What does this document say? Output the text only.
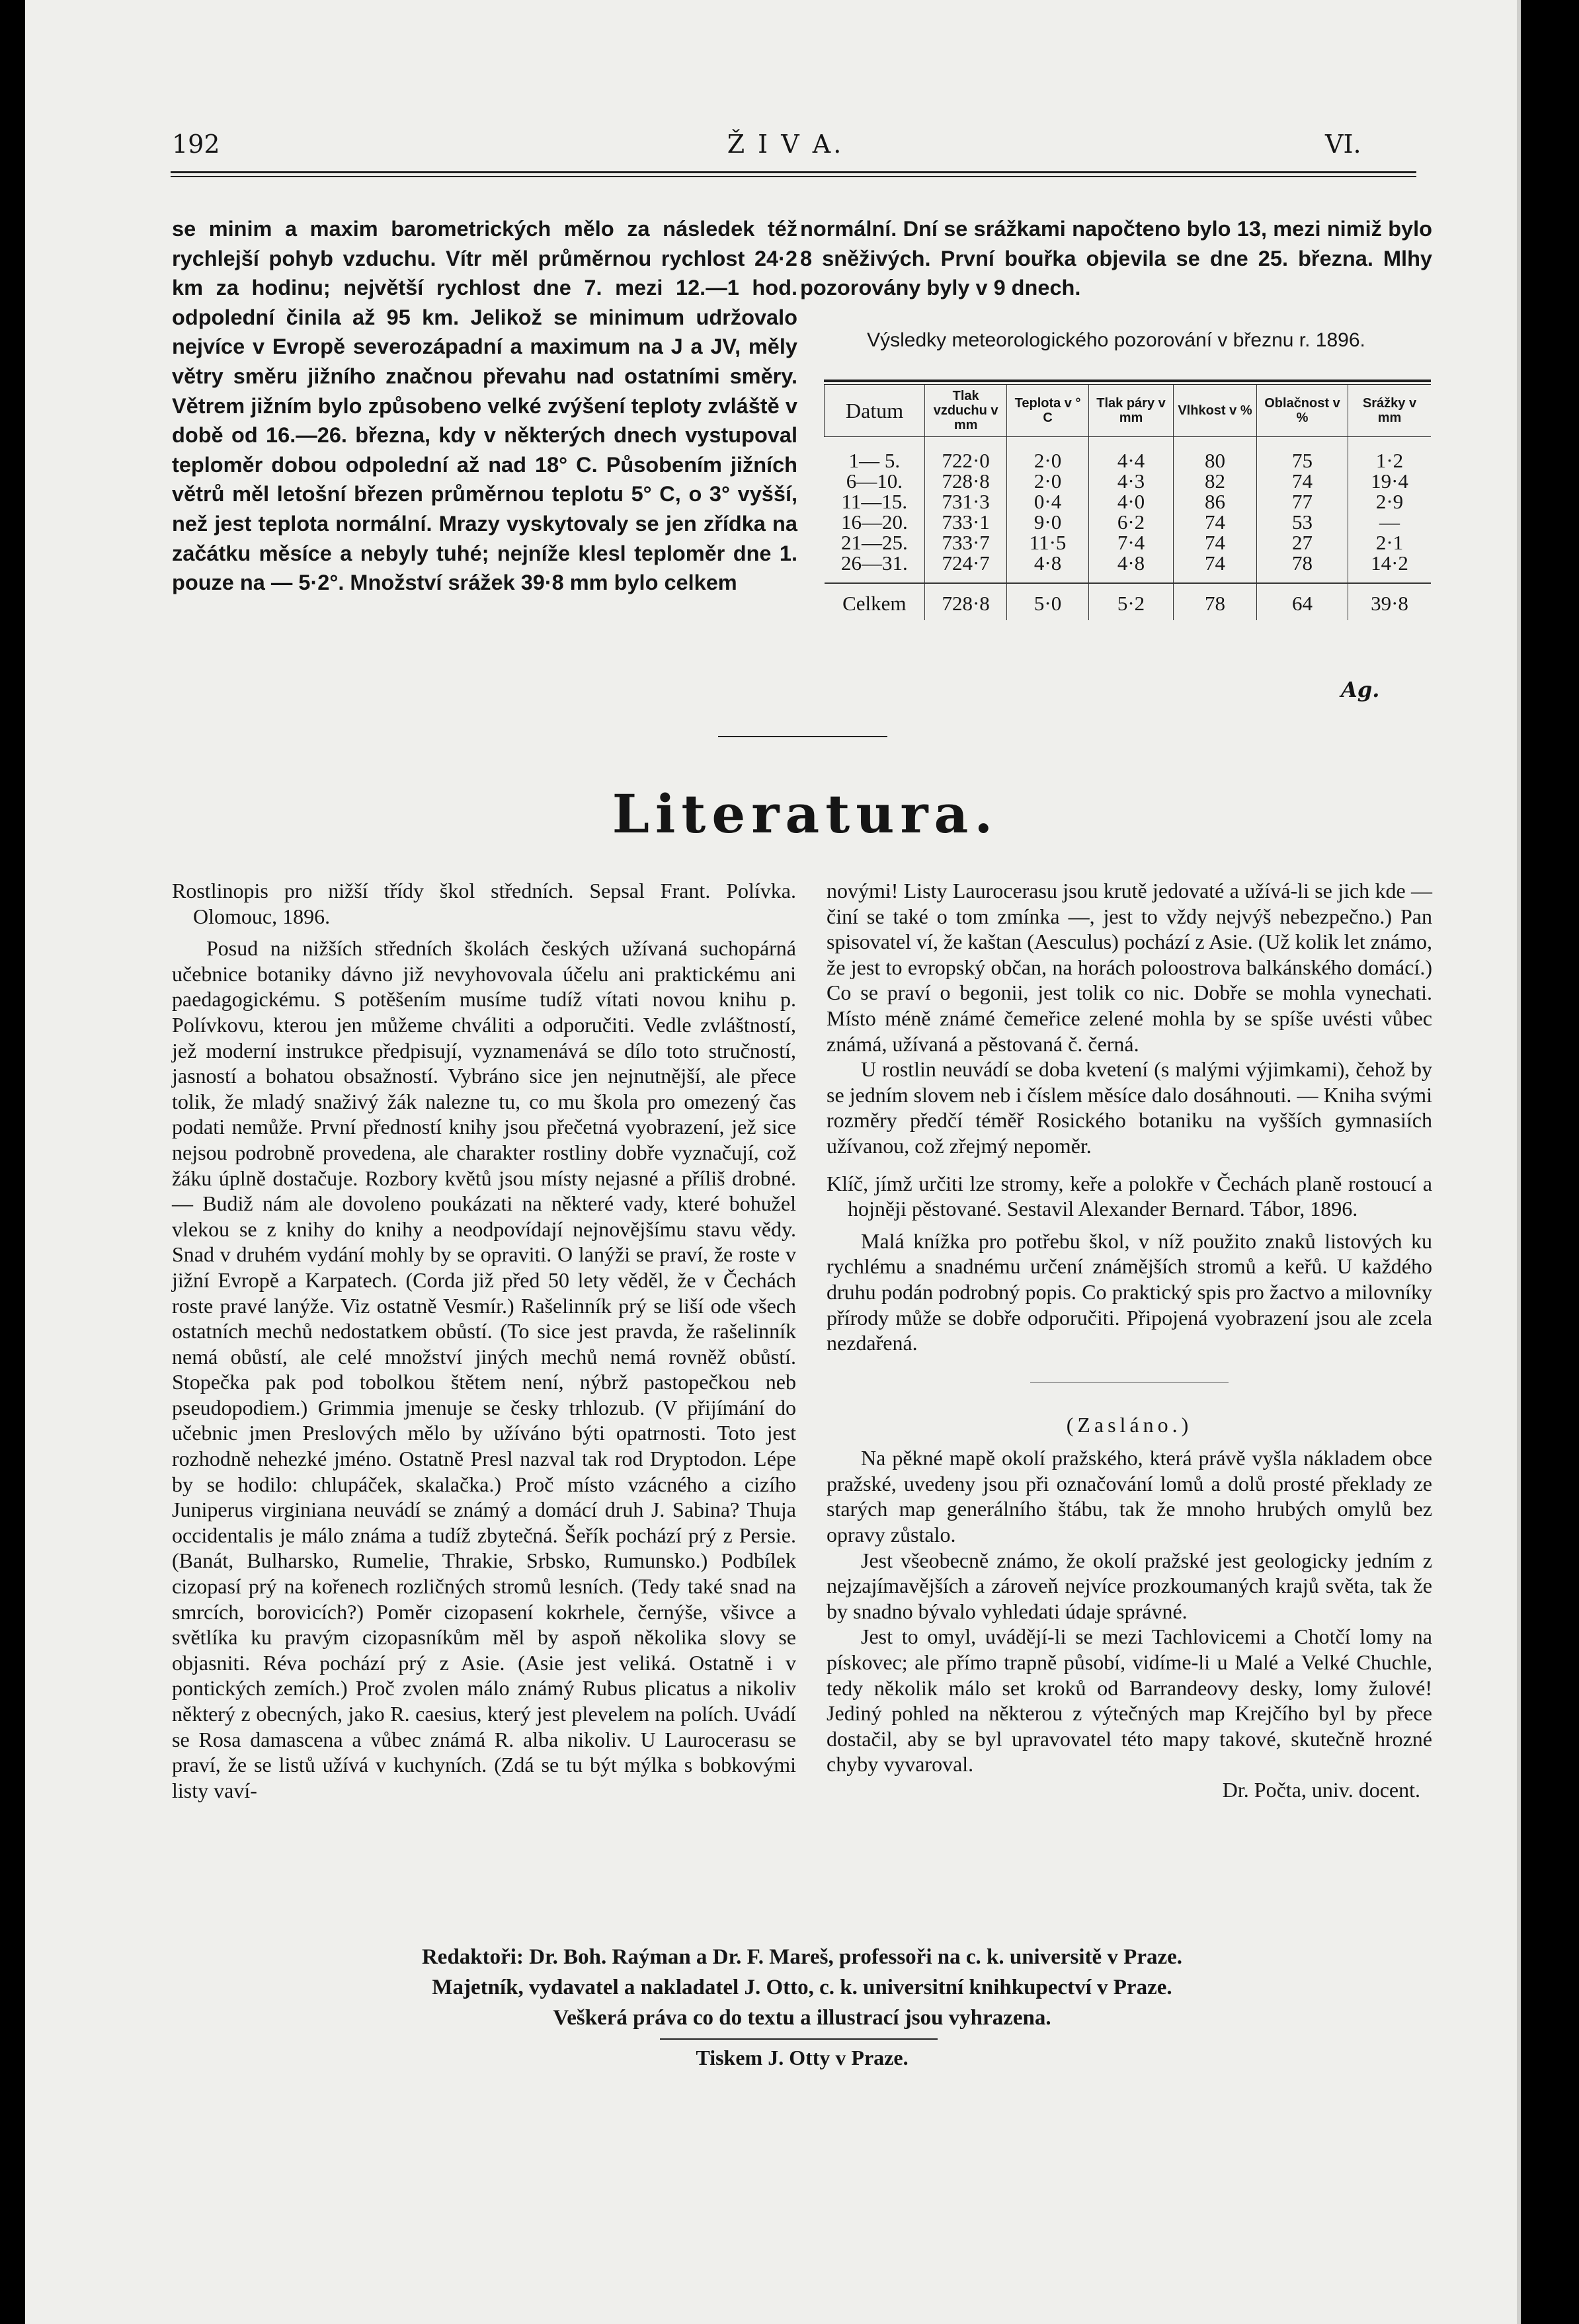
192	Ž I V A.	VI.

se minim a maxim barometrických mělo za následek též rychlejší pohyb vzduchu. Vítr měl průměrnou rychlost 24·2 km za hodinu; největší rychlost dne 7. mezi 12.—1 hod. odpolední činila až 95 km. Jelikož se minimum udržovalo nejvíce v Evropě severozápadní a maximum na J a JV, měly větry směru jižního značnou převahu nad ostatními směry. Větrem jižním bylo způsobeno velké zvýšení teploty zvláště v době od 16.—26. března, kdy v některých dnech vystupoval teploměr dobou odpolední až nad 18° C. Působením jižních větrů měl letošní březen průměrnou teplotu 5° C, o 3° vyšší, než jest teplota normální. Mrazy vyskytovaly se jen zřídka na začátku měsíce a nebyly tuhé; nejníže klesl teploměr dne 1. pouze na — 5·2°. Množství srážek 39·8 mm bylo celkem

normální. Dní se srážkami napočteno bylo 13, mezi nimiž bylo 8 sněživých. První bouřka objevila se dne 25. března. Mlhy pozorovány byly v 9 dnech.

Výsledky meteorologického pozorování v březnu r. 1896.
Datum	Tlak vzduchu v mm	Teplota v ° C	Tlak páry v mm	Vlhkost v %	Oblačnost v %	Srážky v mm
1— 5.	722·0	2·0	4·4	80	75	1·2
6—10.	728·8	2·0	4·3	82	74	19·4
11—15.	731·3	0·4	4·0	86	77	2·9
16—20.	733·1	9·0	6·2	74	53	—
21—25.	733·7	11·5	7·4	74	27	2·1
26—31.	724·7	4·8	4·8	74	78	14·2
Celkem	728·8	5·0	5·2	78	64	39·8
Ag.
Literatura.

Rostlinopis pro nižší třídy škol středních. Sepsal Frant. Polívka. Olomouc, 1896.

Posud na nižších středních školách českých užívaná suchopárná učebnice botaniky dávno již nevyhovovala účelu ani praktickému ani paedagogickému. S potěšením musíme tudíž vítati novou knihu p. Polívkovu, kterou jen můžeme chváliti a odporučiti. Vedle zvláštností, jež moderní instrukce předpisují, vyznamenává se dílo toto stručností, jasností a bohatou obsažností. Vybráno sice jen nejnutnější, ale přece tolik, že mladý snaživý žák nalezne tu, co mu škola pro omezený čas podati nemůže. První předností knihy jsou přečetná vyobrazení, jež sice nejsou podrobně provedena, ale charakter rostliny dobře vyznačují, což žáku úplně dostačuje. Rozbory květů jsou místy nejasné a příliš drobné. — Budiž nám ale dovoleno poukázati na některé vady, které bohužel vlekou se z knihy do knihy a neodpovídají nejnovějšímu stavu vědy. Snad v druhém vydání mohly by se opraviti. O lanýži se praví, že roste v jižní Evropě a Karpatech. (Corda již před 50 lety věděl, že v Čechách roste pravé lanýže. Viz ostatně Vesmír.) Rašelinník prý se liší ode všech ostatních mechů nedostatkem obůstí. (To sice jest pravda, že rašelinník nemá obůstí, ale celé množství jiných mechů nemá rovněž obůstí. Stopečka pak pod tobolkou štětem není, nýbrž pastopečkou neb pseudopodiem.) Grimmia jmenuje se česky trhlozub. (V přijímání do učebnic jmen Preslových mělo by užíváno býti opatrnosti. Toto jest rozhodně nehezké jméno. Ostatně Presl nazval tak rod Dryptodon. Lépe by se hodilo: chlupáček, skalačka.) Proč místo vzácného a cizího Juniperus virginiana neuvádí se známý a domácí druh J. Sabina? Thuja occidentalis je málo známa a tudíž zbytečná. Šeřík pochází prý z Persie. (Banát, Bulharsko, Rumelie, Thrakie, Srbsko, Rumunsko.) Podbílek cizopasí prý na kořenech rozličných stromů lesních. (Tedy také snad na smrcích, borovicích?) Poměr cizopasení kokrhele, černýše, všivce a světlíka ku pravým cizopasníkům měl by aspoň několika slovy se objasniti. Réva pochází prý z Asie. (Asie jest veliká. Ostatně i v pontických zemích.) Proč zvolen málo známý Rubus plicatus a nikoliv některý z obecných, jako R. caesius, který jest plevelem na polích. Uvádí se Rosa damascena a vůbec známá R. alba nikoliv. U Laurocerasu se praví, že se listů užívá v kuchyních. (Zdá se tu být mýlka s bobkovými listy vaví-

novými! Listy Laurocerasu jsou krutě jedovaté a užívá-li se jich kde — činí se také o tom zmínka —, jest to vždy nejvýš nebezpečno.) Pan spisovatel ví, že kaštan (Aesculus) pochází z Asie. (Už kolik let známo, že jest to evropský občan, na horách poloostrova balkánského domácí.) Co se praví o begonii, jest tolik co nic. Dobře se mohla vynechati. Místo méně známé čemeřice zelené mohla by se spíše uvésti vůbec známá, užívaná a pěstovaná č. černá.

U rostlin neuvádí se doba kvetení (s malými výjimkami), čehož by se jedním slovem neb i číslem měsíce dalo dosáhnouti. — Kniha svými rozměry předčí téměř Rosického botaniku na vyšších gymnasiích užívanou, což zřejmý nepoměr.

Klíč, jímž určiti lze stromy, keře a polokře v Čechách planě rostoucí a hojněji pěstované. Sestavil Alexander Bernard. Tábor, 1896.

Malá knížka pro potřebu škol, v níž použito znaků listových ku rychlému a snadnému určení známějších stromů a keřů. U každého druhu podán podrobný popis. Co praktický spis pro žactvo a milovníky přírody může se dobře odporučiti. Připojená vyobrazení jsou ale zcela nezdařená.

(Zasláno.)

Na pěkné mapě okolí pražského, která právě vyšla nákladem obce pražské, uvedeny jsou při označování lomů a dolů prosté překlady ze starých map generálního štábu, tak že mnoho hrubých omylů bez opravy zůstalo.

Jest všeobecně známo, že okolí pražské jest geologicky jedním z nejzajímavějších a zároveň nejvíce prozkoumaných krajů světa, tak že by snadno bývalo vyhledati údaje správné.

Jest to omyl, uvádějí-li se mezi Tachlovicemi a Chotčí lomy na pískovec; ale přímo trapně působí, vidíme-li u Malé a Velké Chuchle, tedy několik málo set kroků od Barrandeovy desky, lomy žulové! Jediný pohled na některou z výtečných map Krejčího byl by přece dostačil, aby se byl upravovatel této mapy takové, skutečně hrozné chyby vyvaroval.

Dr. Počta, univ. docent.
Redaktoři: Dr. Boh. Raýman a Dr. F. Mareš, professoři na c. k. universitě v Praze.
Majetník, vydavatel a nakladatel J. Otto, c. k. universitní knihkupectví v Praze.
Veškerá práva co do textu a illustrací jsou vyhrazena.
Tiskem J. Otty v Praze.
